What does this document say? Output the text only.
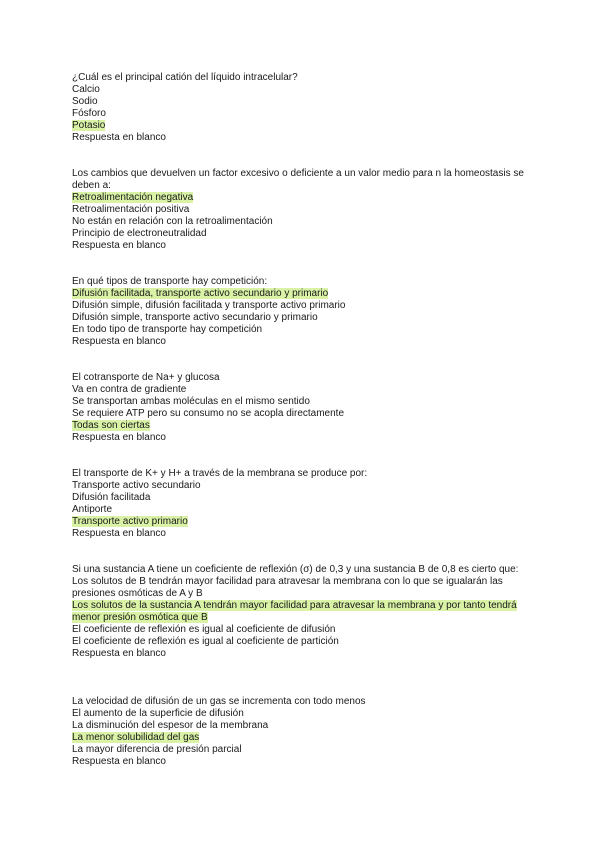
¿Cuál es el principal catión del líquido intracelular?

Calcio
Sodio
Fósforo
Potasio
Respuesta en blanco

Los cambios que devuelven un factor excesivo o deficiente a un valor medio para n la homeostasis se deben a:

Retroalimentación negativa
Retroalimentación positiva
No están en relación con la retroalimentación
Principio de electroneutralidad
Respuesta en blanco

En qué tipos de transporte hay competición:

Difusión facilitada, transporte activo secundario y primario
Difusión simple, difusión facilitada y transporte activo primario
Difusión simple, transporte activo secundario y primario
En todo tipo de transporte hay competición
Respuesta en blanco

El cotransporte de Na+ y glucosa

Va en contra de gradiente
Se transportan ambas moléculas en el mismo sentido
Se requiere ATP pero su consumo no se acopla directamente
Todas son ciertas
Respuesta en blanco

El transporte de K+ y H+ a través de la membrana se produce por:

Transporte activo secundario
Difusión facilitada
Antiporte
Transporte activo primario
Respuesta en blanco

Si una sustancia A tiene un coeficiente de reflexión (σ) de 0,3 y una sustancia B de 0,8 es cierto que:

Los solutos de B tendrán mayor facilidad para atravesar la membrana con lo que se igualarán las presiones osmóticas de A y B
Los solutos de la sustancia A tendrán mayor facilidad para atravesar la membrana y por tanto tendrá menor presión osmótica que B
El coeficiente de reflexión es igual al coeficiente de difusión
El coeficiente de reflexión es igual al coeficiente de partición
Respuesta en blanco

La velocidad de difusión de un gas se incrementa con todo menos

El aumento de la superficie de difusión
La disminución del espesor de la membrana
La menor solubilidad del gas
La mayor diferencia de presión parcial
Respuesta en blanco
